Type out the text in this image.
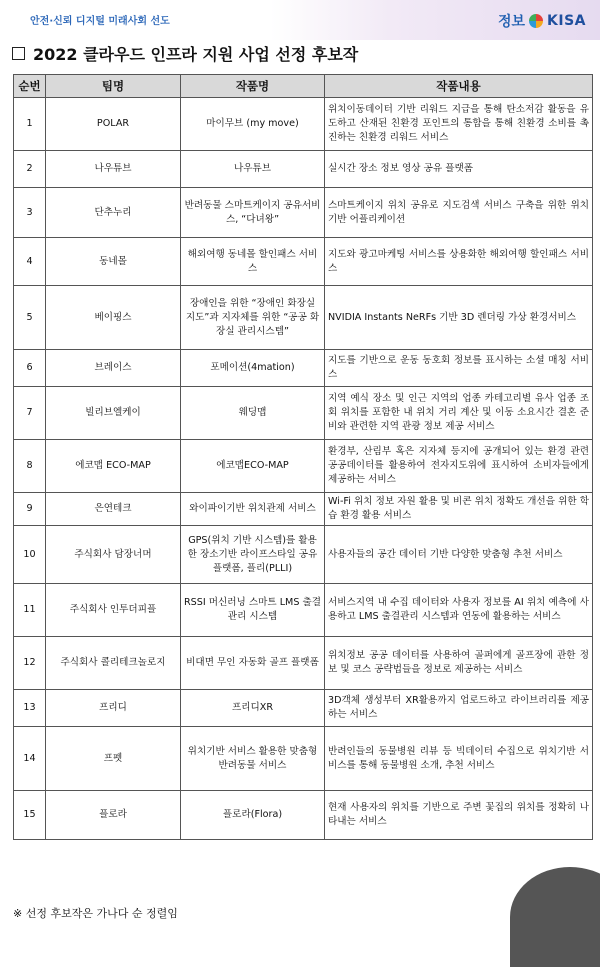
안전·신뢰 디지털 미래사회 선도	정보 KISA
2022 클라우드 인프라 지원 사업 선정 후보작
순번	팀명	작품명	작품내용
1	POLAR	마이무브 (my move)	위치이동데이터 기반 리워드 지급을 통해 탄소저감 활동을 유도하고 산재된 친환경 포인트의 통합을 통해 친환경 소비를 촉진하는 친환경 리워드 서비스
2	나우튜브	나우튜브	실시간 장소 정보 영상 공유 플랫폼
3	단추누리	반려동물 스마트케이지 공유서비스, “다녀왕”	스마트케이지 위치 공유로 지도검색 서비스 구축을 위한 위치기반 어플리케이션
4	동네몰	해외여행 동네몰 할인패스 서비스	지도와 광고마케팅 서비스를 상용화한 해외여행 할인패스 서비스
5	베이핑스	장애인을 위한 “장애인 화장실 지도”과 지자체를 위한 “공공 화장실 관리시스템”	NVIDIA Instants NeRFs 기반 3D 렌더링 가상 환경서비스
6	브레이스	포메이션(4mation)	지도를 기반으로 운동 동호회 정보를 표시하는 소셜 매칭 서비스
7	빌리브엘케이	웨딩맵	지역 예식 장소 및 인근 지역의 업종 카테고리별 유사 업종 조회 위치를 포함한 내 위치 거리 계산 및 이동 소요시간 결혼 준비와 관련한 지역 관광 정보 제공 서비스
8	에코맵 ECO-MAP	에코맵ECO-MAP	환경부, 산림부 혹은 지자체 등지에 공개되어 있는 환경 관련 공공데이터를 활용하여 전자지도위에 표시하여 소비자들에게 제공하는 서비스
9	은연테크	와이파이기반 위치관제 서비스	Wi-Fi 위치 정보 자원 활용 및 비콘 위치 정확도 개선을 위한 학습 환경 활용 서비스
10	주식회사 담장너머	GPS(위치 기반 시스템)를 활용한 장소기반 라이프스타일 공유 플랫폼, 플리(PLLI)	사용자들의 공간 데이터 기반 다양한 맞춤형 추천 서비스
11	주식회사 인투더피플	RSSI 머신러닝 스마트 LMS 출결관리 시스템	서비스지역 내 수집 데이터와 사용자 정보를 AI 위치 예측에 사용하고 LMS 출결관리 시스템과 연동에 활용하는 서비스
12	주식회사 콜리테크놀로지	비대면 무인 자동화 골프 플랫폼	위치정보 공공 데이터를 사용하여 골퍼에게 골프장에 관한 정보 및 코스 공략법들을 정보로 제공하는 서비스
13	프리디	프리디XR	3D객체 생성부터 XR활용까지 업로드하고 라이브러리를 제공하는 서비스
14	프펫	위치기반 서비스 활용한 맞춤형 반려동물 서비스	반려인들의 동물병원 리뷰 등 빅데이터 수집으로 위치기반 서비스를 통해 동물병원 소개, 추천 서비스
15	플로라	플로라(Flora)	현재 사용자의 위치를 기반으로 주변 꽃집의 위치를 정확히 나타내는 서비스
※ 선정 후보작은 가나다 순 정렬임
